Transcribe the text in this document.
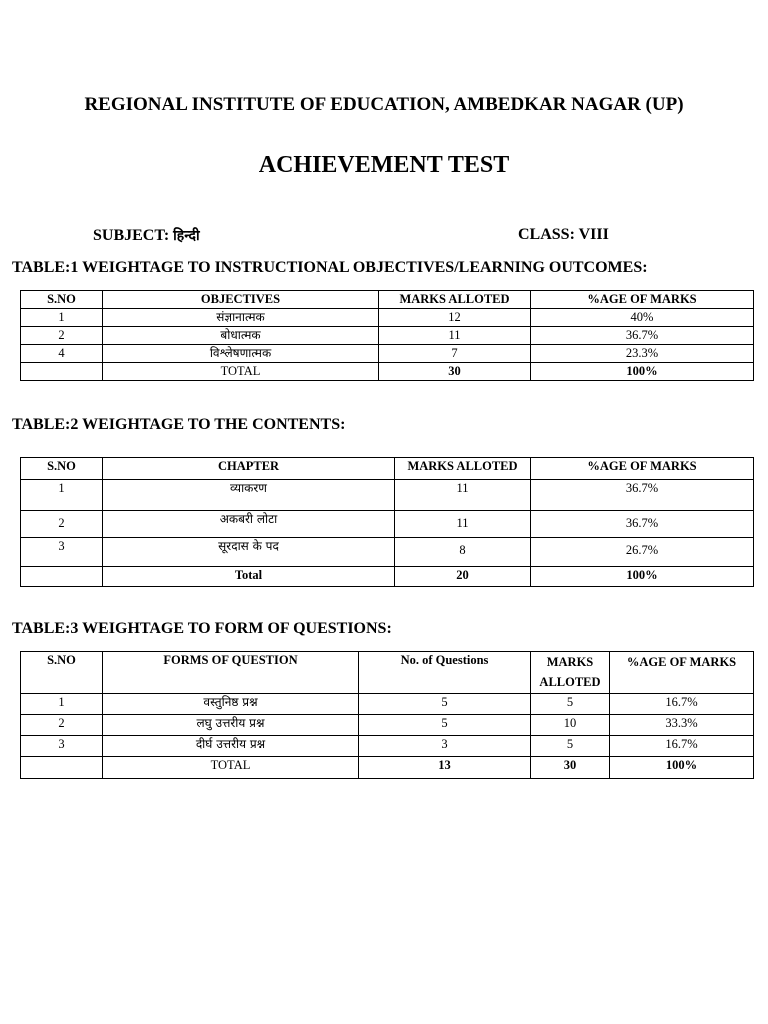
REGIONAL INSTITUTE OF EDUCATION, AMBEDKAR NAGAR (UP)
ACHIEVEMENT TEST
SUBJECT: हिन्दी	CLASS: VIII
TABLE:1 WEIGHTAGE TO INSTRUCTIONAL OBJECTIVES/LEARNING OUTCOMES:
S.NO	OBJECTIVES	MARKS ALLOTED	%AGE OF MARKS
1	संज्ञानात्मक	12	40%
2	बोधात्मक	11	36.7%
4	विश्लेषणात्मक	7	23.3%
	TOTAL	30	100%
TABLE:2 WEIGHTAGE TO THE CONTENTS:
S.NO	CHAPTER	MARKS ALLOTED	%AGE OF MARKS
1	व्याकरण	11	36.7%
2	अकबरी लोटा	11	36.7%
3	सूरदास के पद	8	26.7%
	Total	20	100%
TABLE:3 WEIGHTAGE TO FORM OF QUESTIONS:
S.NO	FORMS OF QUESTION	No. of Questions	MARKS ALLOTED	%AGE OF MARKS
1	वस्तुनिष्ठ प्रश्न	5	5	16.7%
2	लघु उत्तरीय प्रश्न	5	10	33.3%
3	दीर्घ उत्तरीय प्रश्न	3	5	16.7%
	TOTAL	13	30	100%
